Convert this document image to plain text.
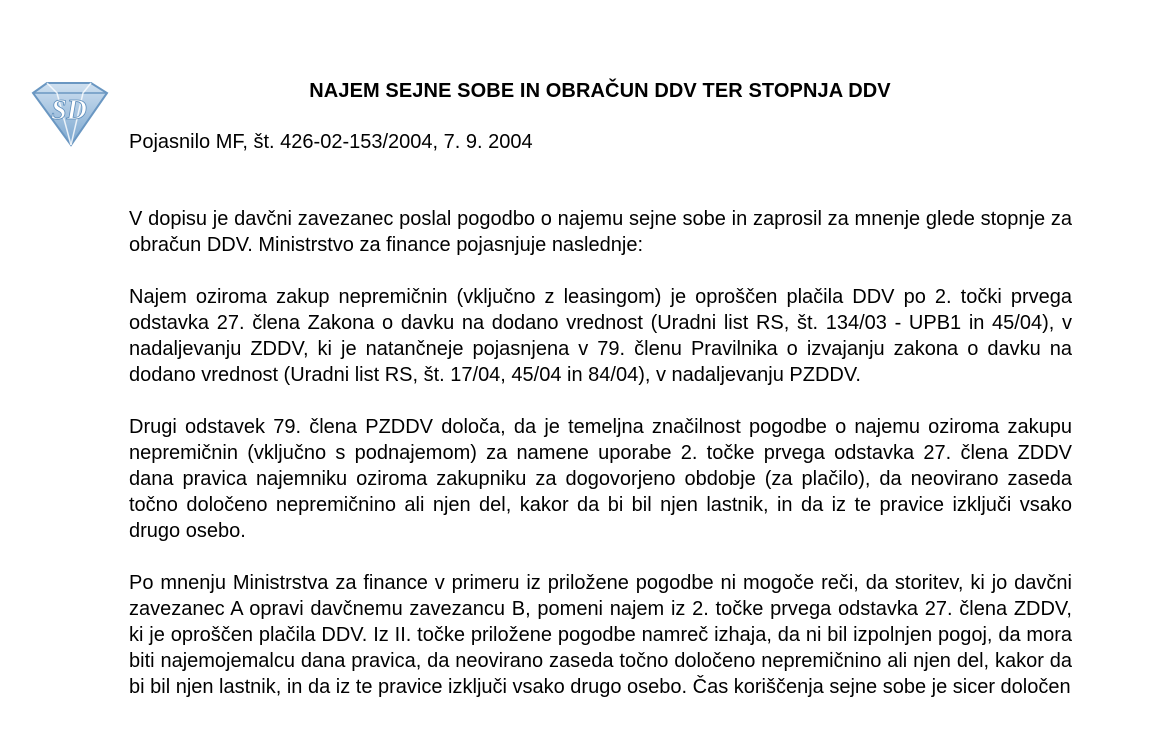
SD
NAJEM SEJNE SOBE IN OBRAČUN DDV TER STOPNJA DDV
Pojasnilo MF, št. 426-02-153/2004, 7. 9. 2004

V dopisu je davčni zavezanec poslal pogodbo o najemu sejne sobe in zaprosil za mnenje glede stopnje za obračun DDV. Ministrstvo za finance pojasnjuje naslednje:

Najem oziroma zakup nepremičnin (vključno z leasingom) je oproščen plačila DDV po 2. točki prvega odstavka 27. člena Zakona o davku na dodano vrednost (Uradni list RS, št. 134/03 - UPB1 in 45/04), v nadaljevanju ZDDV, ki je natančneje pojasnjena v 79. členu Pravilnika o izvajanju zakona o davku na dodano vrednost (Uradni list RS, št. 17/04, 45/04 in 84/04), v nadaljevanju PZDDV.

Drugi odstavek 79. člena PZDDV določa, da je temeljna značilnost pogodbe o najemu oziroma zakupu nepremičnin (vključno s podnajemom) za namene uporabe 2. točke prvega odstavka 27. člena ZDDV dana pravica najemniku oziroma zakupniku za dogovorjeno obdobje (za plačilo), da neovirano zaseda točno določeno nepremičnino ali njen del, kakor da bi bil njen lastnik, in da iz te pravice izključi vsako drugo osebo.

Po mnenju Ministrstva za finance v primeru iz priložene pogodbe ni mogoče reči, da storitev, ki jo davčni zavezanec A opravi davčnemu zavezancu B, pomeni najem iz 2. točke prvega odstavka 27. člena ZDDV, ki je oproščen plačila DDV. Iz II. točke priložene pogodbe namreč izhaja, da ni bil izpolnjen pogoj, da mora biti najemojemalcu dana pravica, da neovirano zaseda točno določeno nepremičnino ali njen del, kakor da bi bil njen lastnik, in da iz te pravice izključi vsako drugo osebo. Čas koriščenja sejne sobe je sicer določen
